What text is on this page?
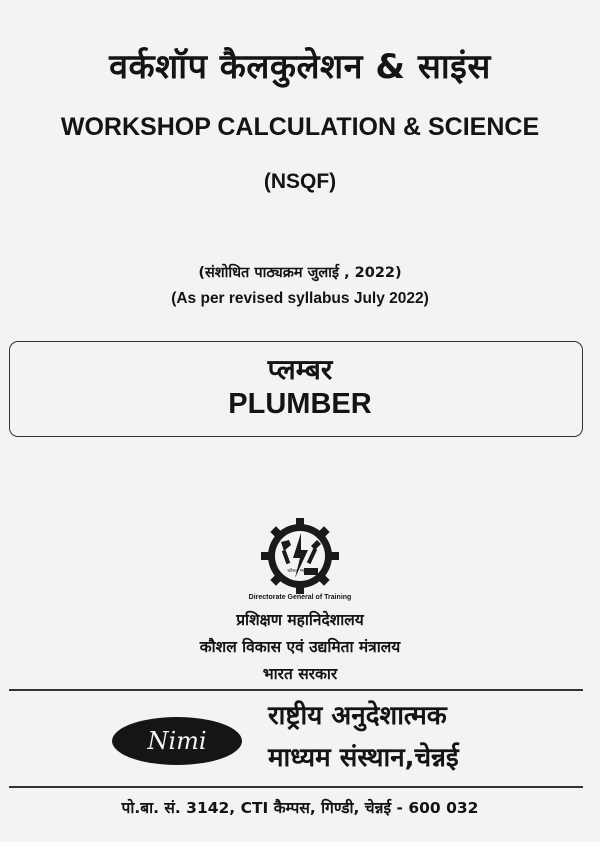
वर्कशॉप कैलकुलेशन & साइंस
WORKSHOP CALCULATION & SCIENCE
(NSQF)
(संशोधित पाठ्यक्रम जुलाई , 2022)
(As per revised syllabus July 2022)
प्लम्बर
PLUMBER
कौशल भारत
Directorate General of Training
प्रशिक्षण महानिदेशालय
कौशल विकास एवं उद्यमिता मंत्रालय
भारत सरकार
Nimi
राष्ट्रीय अनुदेशात्मक
माध्यम संस्थान,चेन्नई
पो.बा. सं. 3142, CTI कैम्पस, गिण्डी, चेन्नई - 600 032
